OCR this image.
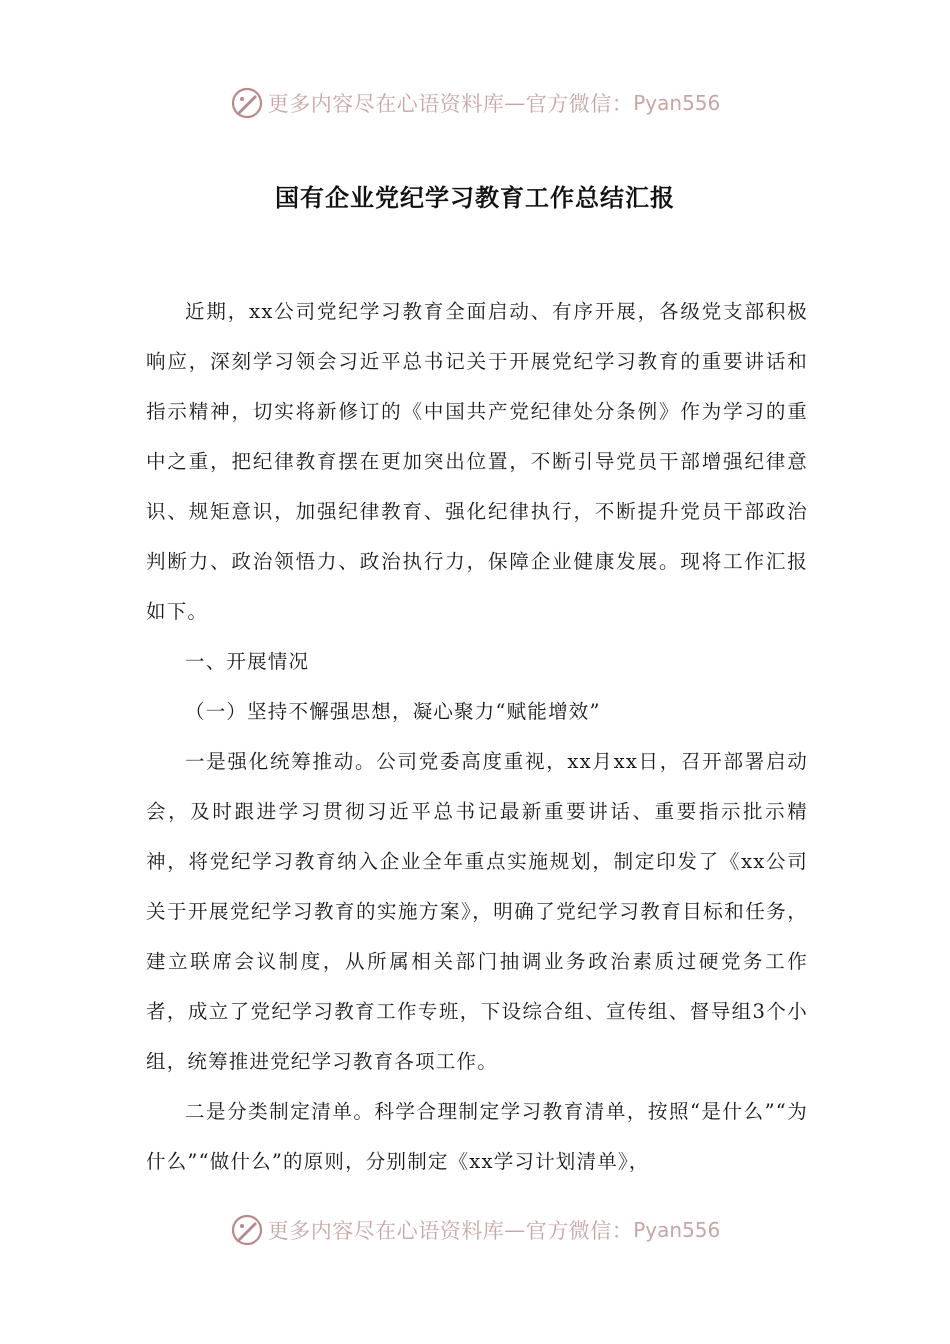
更多内容尽在心语资料库 — 官方微信： Pyan556
国有企业党纪学习教育工作总结汇报

近期，xx公司党纪学习教育全面启动、有序开展，各级党支部积极响应，深刻学习领会习近平总书记关于开展党纪学习教育的重要讲话和指示精神，切实将新修订的《中国共产党纪律处分条例》作为学习的重中之重，把纪律教育摆在更加突出位置，不断引导党员干部增强纪律意识、规矩意识，加强纪律教育、强化纪律执行，不断提升党员干部政治判断力、政治领悟力、政治执行力，保障企业健康发展。现将工作汇报如下。

一、开展情况

（一）坚持不懈强思想，凝心聚力“赋能增效”

一是强化统筹推动。公司党委高度重视，xx月xx日，召开部署启动会，及时跟进学习贯彻习近平总书记最新重要讲话、重要指示批示精神，将党纪学习教育纳入企业全年重点实施规划，制定印发了《xx公司关于开展党纪学习教育的实施方案》，明确了党纪学习教育目标和任务，建立联席会议制度，从所属相关部门抽调业务政治素质过硬党务工作者，成立了党纪学习教育工作专班，下设综合组、宣传组、督导组3个小组，统筹推进党纪学习教育各项工作。

二是分类制定清单。科学合理制定学习教育清单，按照“是什么”“为什么”“做什么”的原则，分别制定《xx学习计划清单》，

更多内容尽在心语资料库 — 官方微信： Pyan556
